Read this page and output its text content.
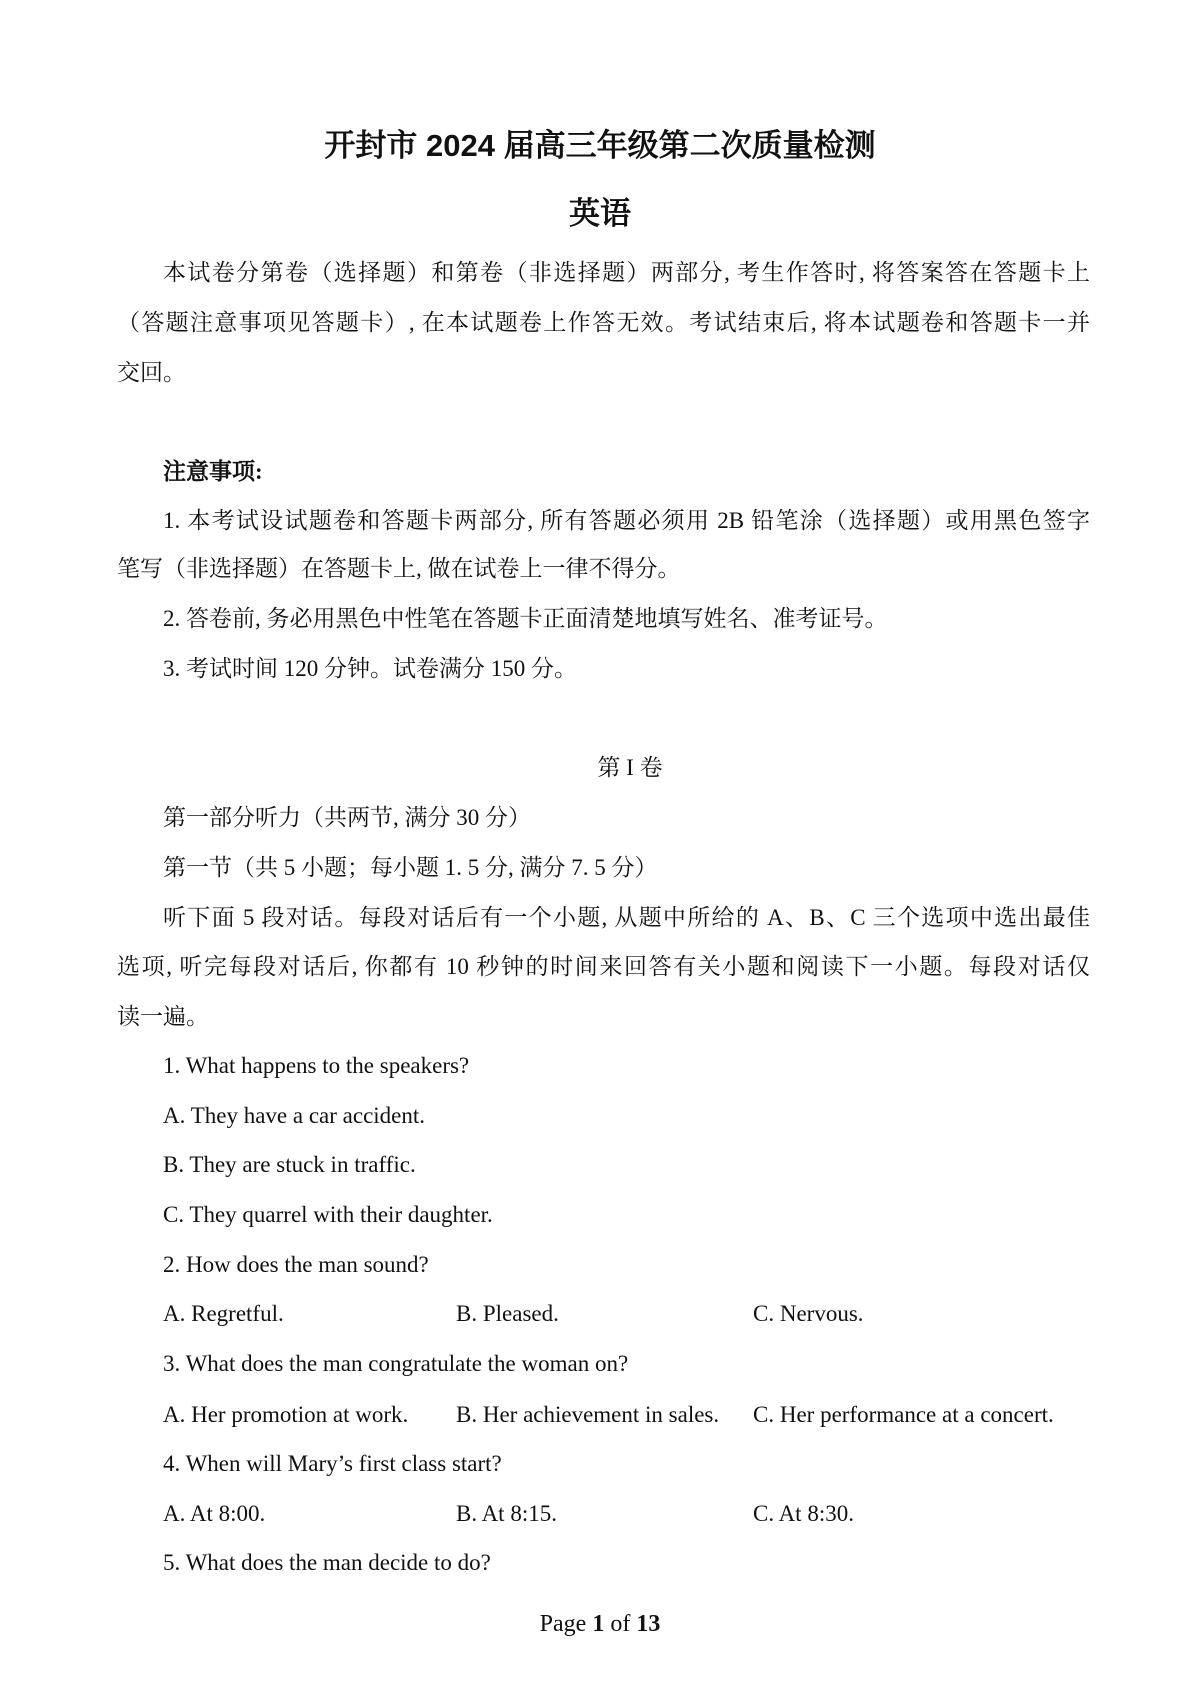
开封市 2024 届高三年级第二次质量检测
英语
本试卷分第卷（选择题）和第卷（非选择题）两部分, 考生作答时, 将答案答在答题卡上
（答题注意事项见答题卡）, 在本试题卷上作答无效。考试结束后, 将本试题卷和答题卡一并
交回。
注意事项:
1. 本考试设试题卷和答题卡两部分, 所有答题必须用 2B 铅笔涂（选择题）或用黑色签字
笔写（非选择题）在答题卡上, 做在试卷上一律不得分。
2. 答卷前, 务必用黑色中性笔在答题卡正面清楚地填写姓名、准考证号。
3. 考试时间 120 分钟。试卷满分 150 分。
第 I 卷
第一部分听力（共两节, 满分 30 分）
第一节（共 5 小题；每小题 1. 5 分, 满分 7. 5 分）
听下面 5 段对话。每段对话后有一个小题, 从题中所给的 A、B、C 三个选项中选出最佳
选项, 听完每段对话后, 你都有 10 秒钟的时间来回答有关小题和阅读下一小题。每段对话仅
读一遍。
1. What happens to the speakers?
A. They have a car accident.
B. They are stuck in traffic.
C. They quarrel with their daughter.
2. How does the man sound?
A. Regretful.	B. Pleased.	C. Nervous.
3. What does the man congratulate the woman on?
A. Her promotion at work. B. Her achievement in sales. C. Her performance at a concert.
4. When will Mary’s first class start?
A. At 8:00.	B. At 8:15.	C. At 8:30.
5. What does the man decide to do?
Page 1 of 13
